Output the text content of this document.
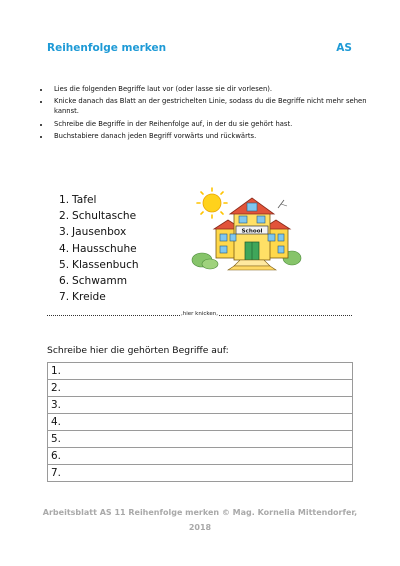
Reihenfolge merken	AS
• Lies die folgenden Begriffe laut vor (oder lasse sie dir vorlesen).
• Knicke danach das Blatt an der gestrichelten Linie, sodass du die Begriffe nicht mehr sehen kannst.
• Schreibe die Begriffe in der Reihenfolge auf, in der du sie gehört hast.
• Buchstabiere danach jeden Begriff vorwärts und rückwärts.
1. Tafel
2. Schultasche
3. Jausenbox
4. Hausschuhe
5. Klassenbuch
6. Schwamm
7. Kreide
School
,hier knicken,
Schreibe hier die gehörten Begriffe auf:
1.
2.
3.
4.
5.
6.
7.
Arbeitsblatt AS 11 Reihenfolge merken © Mag. Kornelia Mittendorfer,
2018
